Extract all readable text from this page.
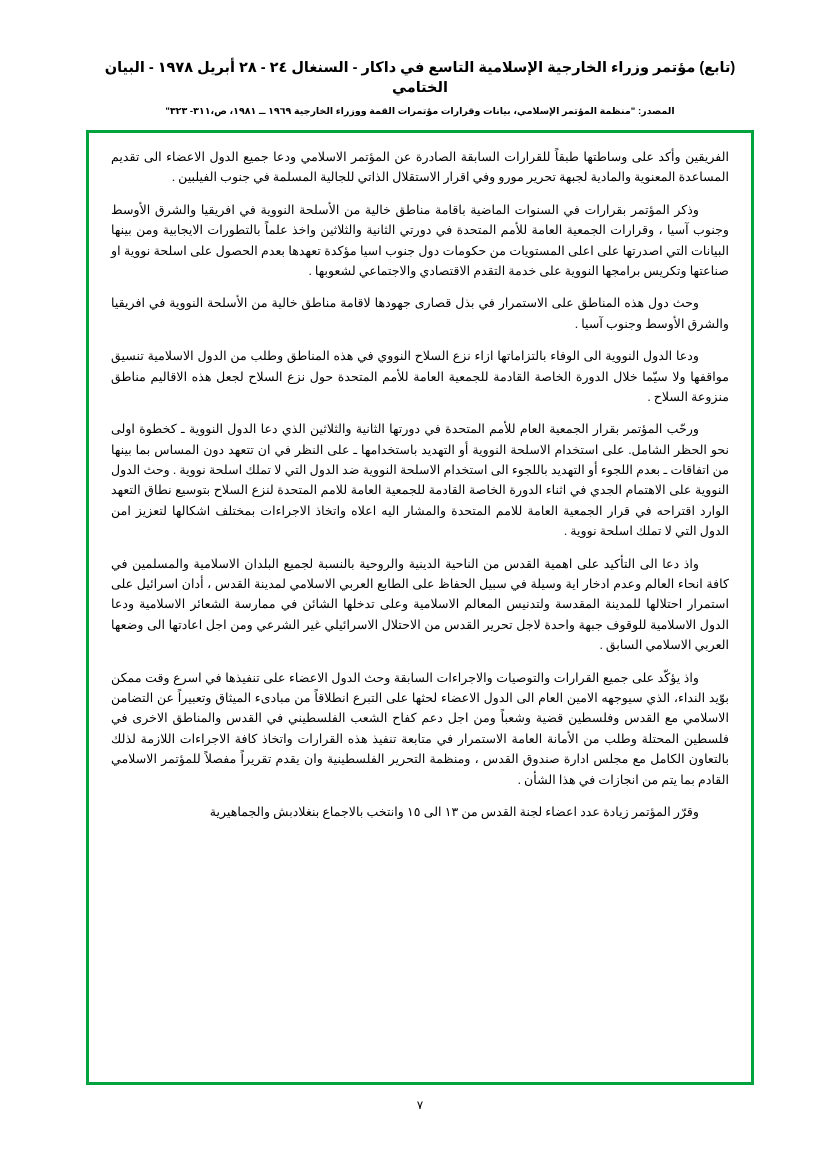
(تابع) مؤتمر وزراء الخارجية الإسلامية التاسع في داكار - السنغال ٢٤ - ٢٨ أبريل ١٩٧٨ - البيان الختامي
المصدر: "منظمة المؤتمر الإسلامي، بيانات وقرارات مؤتمرات القمة ووزراء الخارجية ١٩٦٩ ــ ١٩٨١، ص،٣١١- ٣٢٣"

الفريقين وأكد على وساطتها طبقاً للقرارات السابقة الصادرة عن المؤتمر الاسلامي ودعا جميع الدول الاعضاء الى تقديم المساعدة المعنوية والمادية لجبهة تحرير مورو وفي اقرار الاستقلال الذاتي للجالية المسلمة في جنوب الفيلبين .

وذكر المؤتمر بقرارات في السنوات الماضية باقامة مناطق خالية من الأسلحة النووية في افريقيا والشرق الأوسط وجنوب آسيا ، وقرارات الجمعية العامة للأمم المتحدة في دورتي الثانية والثلاثين واخذ علماً بالتطورات الايجابية ومن بينها البيانات التي اصدرتها على اعلى المستويات من حكومات دول جنوب اسيا مؤكدة تعهدها بعدم الحصول على اسلحة نووية او صناعتها وتكريس برامجها النووية على خدمة التقدم الاقتصادي والاجتماعي لشعوبها .

وحث دول هذه المناطق على الاستمرار في بذل قصارى جهودها لاقامة مناطق خالية من الأسلحة النووية في افريقيا والشرق الأوسط وجنوب آسيا .

ودعا الدول النووية الى الوفاء بالتزاماتها ازاء نزع السلاح النووي في هذه المناطق وطلب من الدول الاسلامية تنسيق مواقفها ولا سيّما خلال الدورة الخاصة القادمة للجمعية العامة للأمم المتحدة حول نزع السلاح لجعل هذه الاقاليم مناطق منزوعة السلاح .

ورحّب المؤتمر بقرار الجمعية العام للأمم المتحدة في دورتها الثانية والثلاثين الذي دعا الدول النووية ـ كخطوة اولى نحو الحظر الشامل. على استخدام الاسلحة النووية أو التهديد باستخدامها ـ على النظر في ان تتعهد دون المساس بما بينها من اتفاقات ـ بعدم اللجوء أو التهديد باللجوء الى استخدام الاسلحة النووية ضد الدول التي لا تملك اسلحة نووية . وحث الدول النووية على الاهتمام الجدي في اثناء الدورة الخاصة القادمة للجمعية العامة للامم المتحدة لنزع السلاح بتوسيع نطاق التعهد الوارد اقتراحه في قرار الجمعية العامة للامم المتحدة والمشار اليه اعلاه واتخاذ الاجراءات بمختلف اشكالها لتعزيز امن الدول التي لا تملك اسلحة نووية .

واذ دعا الى التأكيد على اهمية القدس من الناحية الدينية والروحية بالنسبة لجميع البلدان الاسلامية والمسلمين في كافة انحاء العالم وعدم ادخار اية وسيلة في سبيل الحفاظ على الطابع العربي الاسلامي لمدينة القدس ، أدان اسرائيل على استمرار احتلالها للمدينة المقدسة ولتدنيس المعالم الاسلامية وعلى تدخلها الشائن في ممارسة الشعائر الاسلامية ودعا الدول الاسلامية للوقوف جبهة واحدة لاجل تحرير القدس من الاحتلال الاسرائيلي غير الشرعي ومن اجل اعادتها الى وضعها العربي الاسلامي السابق .

واذ يؤكّد على جميع القرارات والتوصيات والاجراءات السابقة وحث الدول الاعضاء على تنفيذها في اسرع وقت ممكن بوّيد النداء، الذي سيوجهه الامين العام الى الدول الاعضاء لحثها على التبرع انطلاقاً من مبادىء الميثاق وتعبيراً عن التضامن الاسلامي مع القدس وفلسطين قضية وشعباً ومن اجل دعم كفاح الشعب الفلسطيني في القدس والمناطق الاخرى في فلسطين المحتلة وطلب من الأمانة العامة الاستمرار في متابعة تنفيذ هذه القرارات واتخاذ كافة الاجراءات اللازمة لذلك بالتعاون الكامل مع مجلس ادارة صندوق القدس ، ومنظمة التحرير الفلسطينية وان يقدم تقريراً مفصلاً للمؤتمر الاسلامي القادم بما يتم من انجازات في هذا الشأن .

وقرّر المؤتمر زيادة عدد اعضاء لجنة القدس من ١٣ الى ١٥ وانتخب بالاجماع بنغلادبش والجماهيرية

٧
